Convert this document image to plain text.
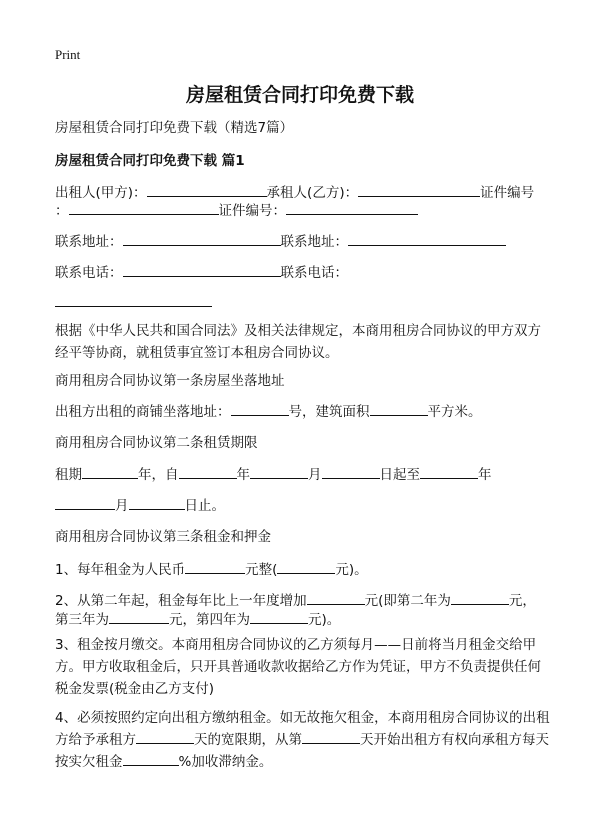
Print
房屋租赁合同打印免费下载
房屋租赁合同打印免费下载（精选7篇）
房屋租赁合同打印免费下载 篇1
出租人(甲方)：	承租人(乙方)：	证件编号
：	证件编号：
联系地址：	联系地址：
联系电话：	联系电话：
根据《中华人民共和国合同法》及相关法律规定，本商用租房合同协议的甲方双方经平等协商，就租赁事宜签订本租房合同协议。
商用租房合同协议第一条房屋坐落地址
出租方出租的商铺坐落地址：	号，建筑面积	平方米。
商用租房合同协议第二条租赁期限
租期	年，自	年	月	日起至	年
月	日止。
商用租房合同协议第三条租金和押金
1、每年租金为人民币	元整(	元)。
2、从第二年起，租金每年比上一年度增加	元(即第二年为	元，
第三年为	元，第四年为	元)。
3、租金按月缴交。本商用租房合同协议的乙方须每月——日前将当月租金交给甲方。甲方收取租金后，只开具普通收款收据给乙方作为凭证，甲方不负责提供任何税金发票(税金由乙方支付)
4、必须按照约定向出租方缴纳租金。如无故拖欠租金，本商用租房合同协议的出租方给予承租方	天的宽限期，从第	天开始出租方有权向承租方每天按实欠租金	%加收滞纳金。
